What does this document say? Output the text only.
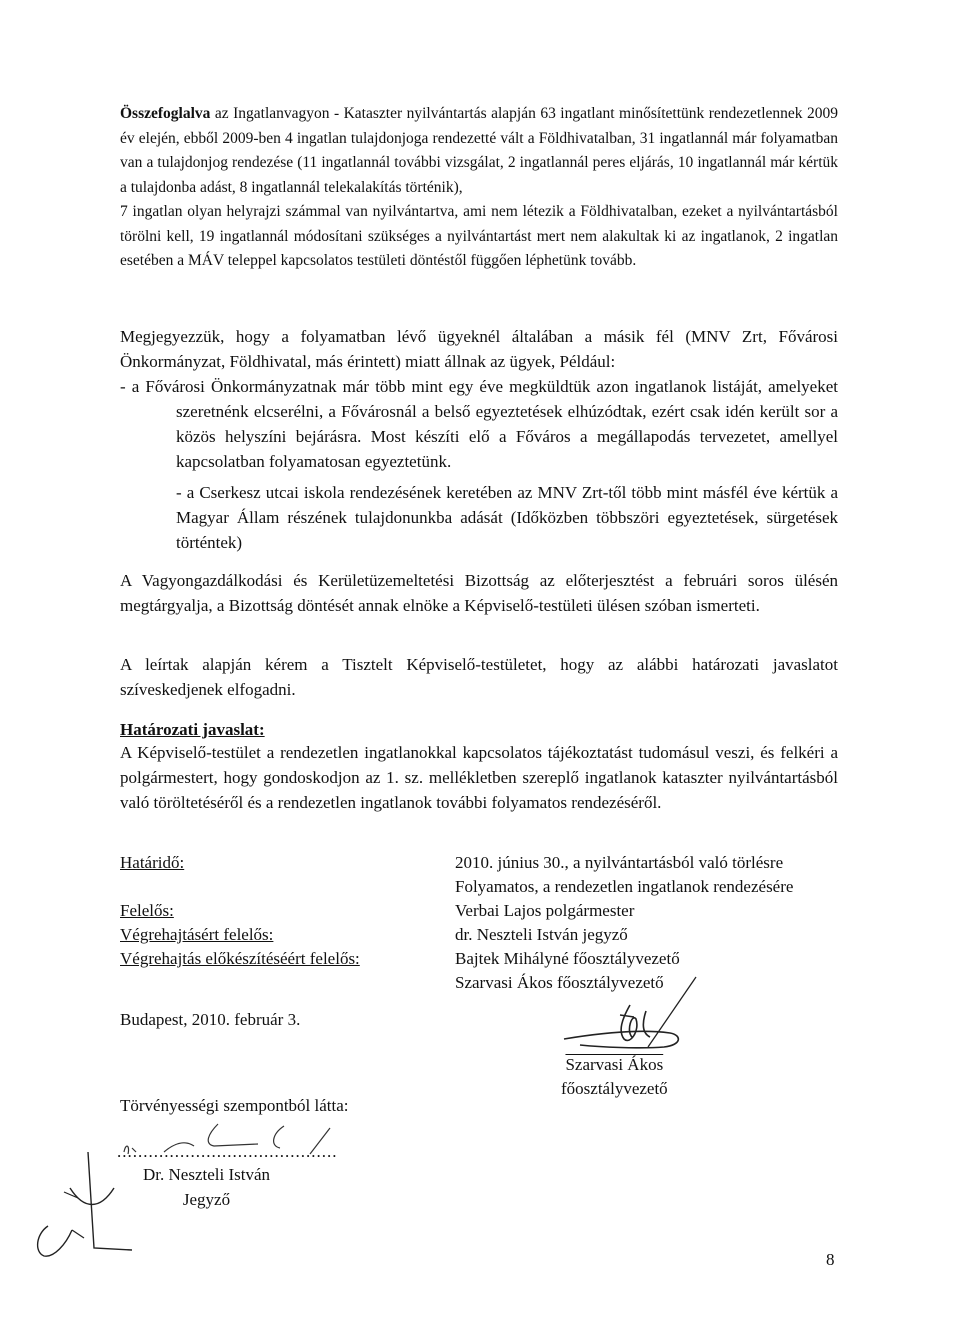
Összefoglalva az Ingatlanvagyon - Kataszter nyilvántartás alapján 63 ingatlant minősítettünk rendezetlennek 2009 év elején, ebből 2009-ben 4 ingatlan tulajdonjoga rendezetté vált a Földhivatalban, 31 ingatlannál már folyamatban van a tulajdonjog rendezése (11 ingatlannál további vizsgálat, 2 ingatlannál peres eljárás, 10 ingatlannál már kértük a tulajdonba adást, 8 ingatlannál telekalakítás történik),
7 ingatlan olyan helyrajzi számmal van nyilvántartva, ami nem létezik a Földhivatalban, ezeket a nyilvántartásból törölni kell, 19 ingatlannál módosítani szükséges a nyilvántartást mert nem alakultak ki az ingatlanok, 2 ingatlan esetében a MÁV teleppel kapcsolatos testületi döntéstől függően léphetünk tovább.

Megjegyezzük, hogy a folyamatban lévő ügyeknél általában a másik fél (MNV Zrt, Fővárosi Önkormányzat, Földhivatal, más érintett) miatt állnak az ügyek, Például:
- a Fővárosi Önkormányzatnak már több mint egy éve megküldtük azon ingatlanok listáját, amelyeket szeretnénk elcserélni, a Fővárosnál a belső egyeztetések elhúzódtak, ezért csak idén került sor a közös helyszíni bejárásra. Most készíti elő a Főváros a megállapodás tervezetet, amellyel kapcsolatban folyamatosan egyeztetünk.

- a Cserkesz utcai iskola rendezésének keretében az MNV Zrt-től több mint másfél éve kértük a Magyar Állam részének tulajdonunkba adását (Időközben többszöri egyeztetések, sürgetések történtek)

A Vagyongazdálkodási és Kerületüzemeltetési Bizottság az előterjesztést a februári soros ülésén megtárgyalja, a Bizottság döntését annak elnöke a Képviselő-testületi ülésen szóban ismerteti.

A leírtak alapján kérem a Tisztelt Képviselő-testületet, hogy az alábbi határozati javaslatot szíveskedjenek elfogadni.

Határozati javaslat:

A Képviselő-testület a rendezetlen ingatlanokkal kapcsolatos tájékoztatást tudomásul veszi, és felkéri a polgármestert, hogy gondoskodjon az 1. sz. mellékletben szereplő ingatlanok kataszter nyilvántartásból való töröltetéséről és a rendezetlen ingatlanok további folyamatos rendezéséről.

Határidő:	2010. június 30., a nyilvántartásból való törlésre
Folyamatos, a rendezetlen ingatlanok rendezésére
Felelős:	Verbai Lajos polgármester
Végrehajtásért felelős:	dr. Neszteli István jegyző
Végrehajtás előkészítéséért felelős:	Bajtek Mihályné főosztályvezető
Szarvasi Ákos főosztályvezető
Budapest, 2010. február 3.
Szarvasi Ákos
főosztályvezető
Törvényességi szempontból látta:
..........................................
Dr. Neszteli István
Jegyző
8
